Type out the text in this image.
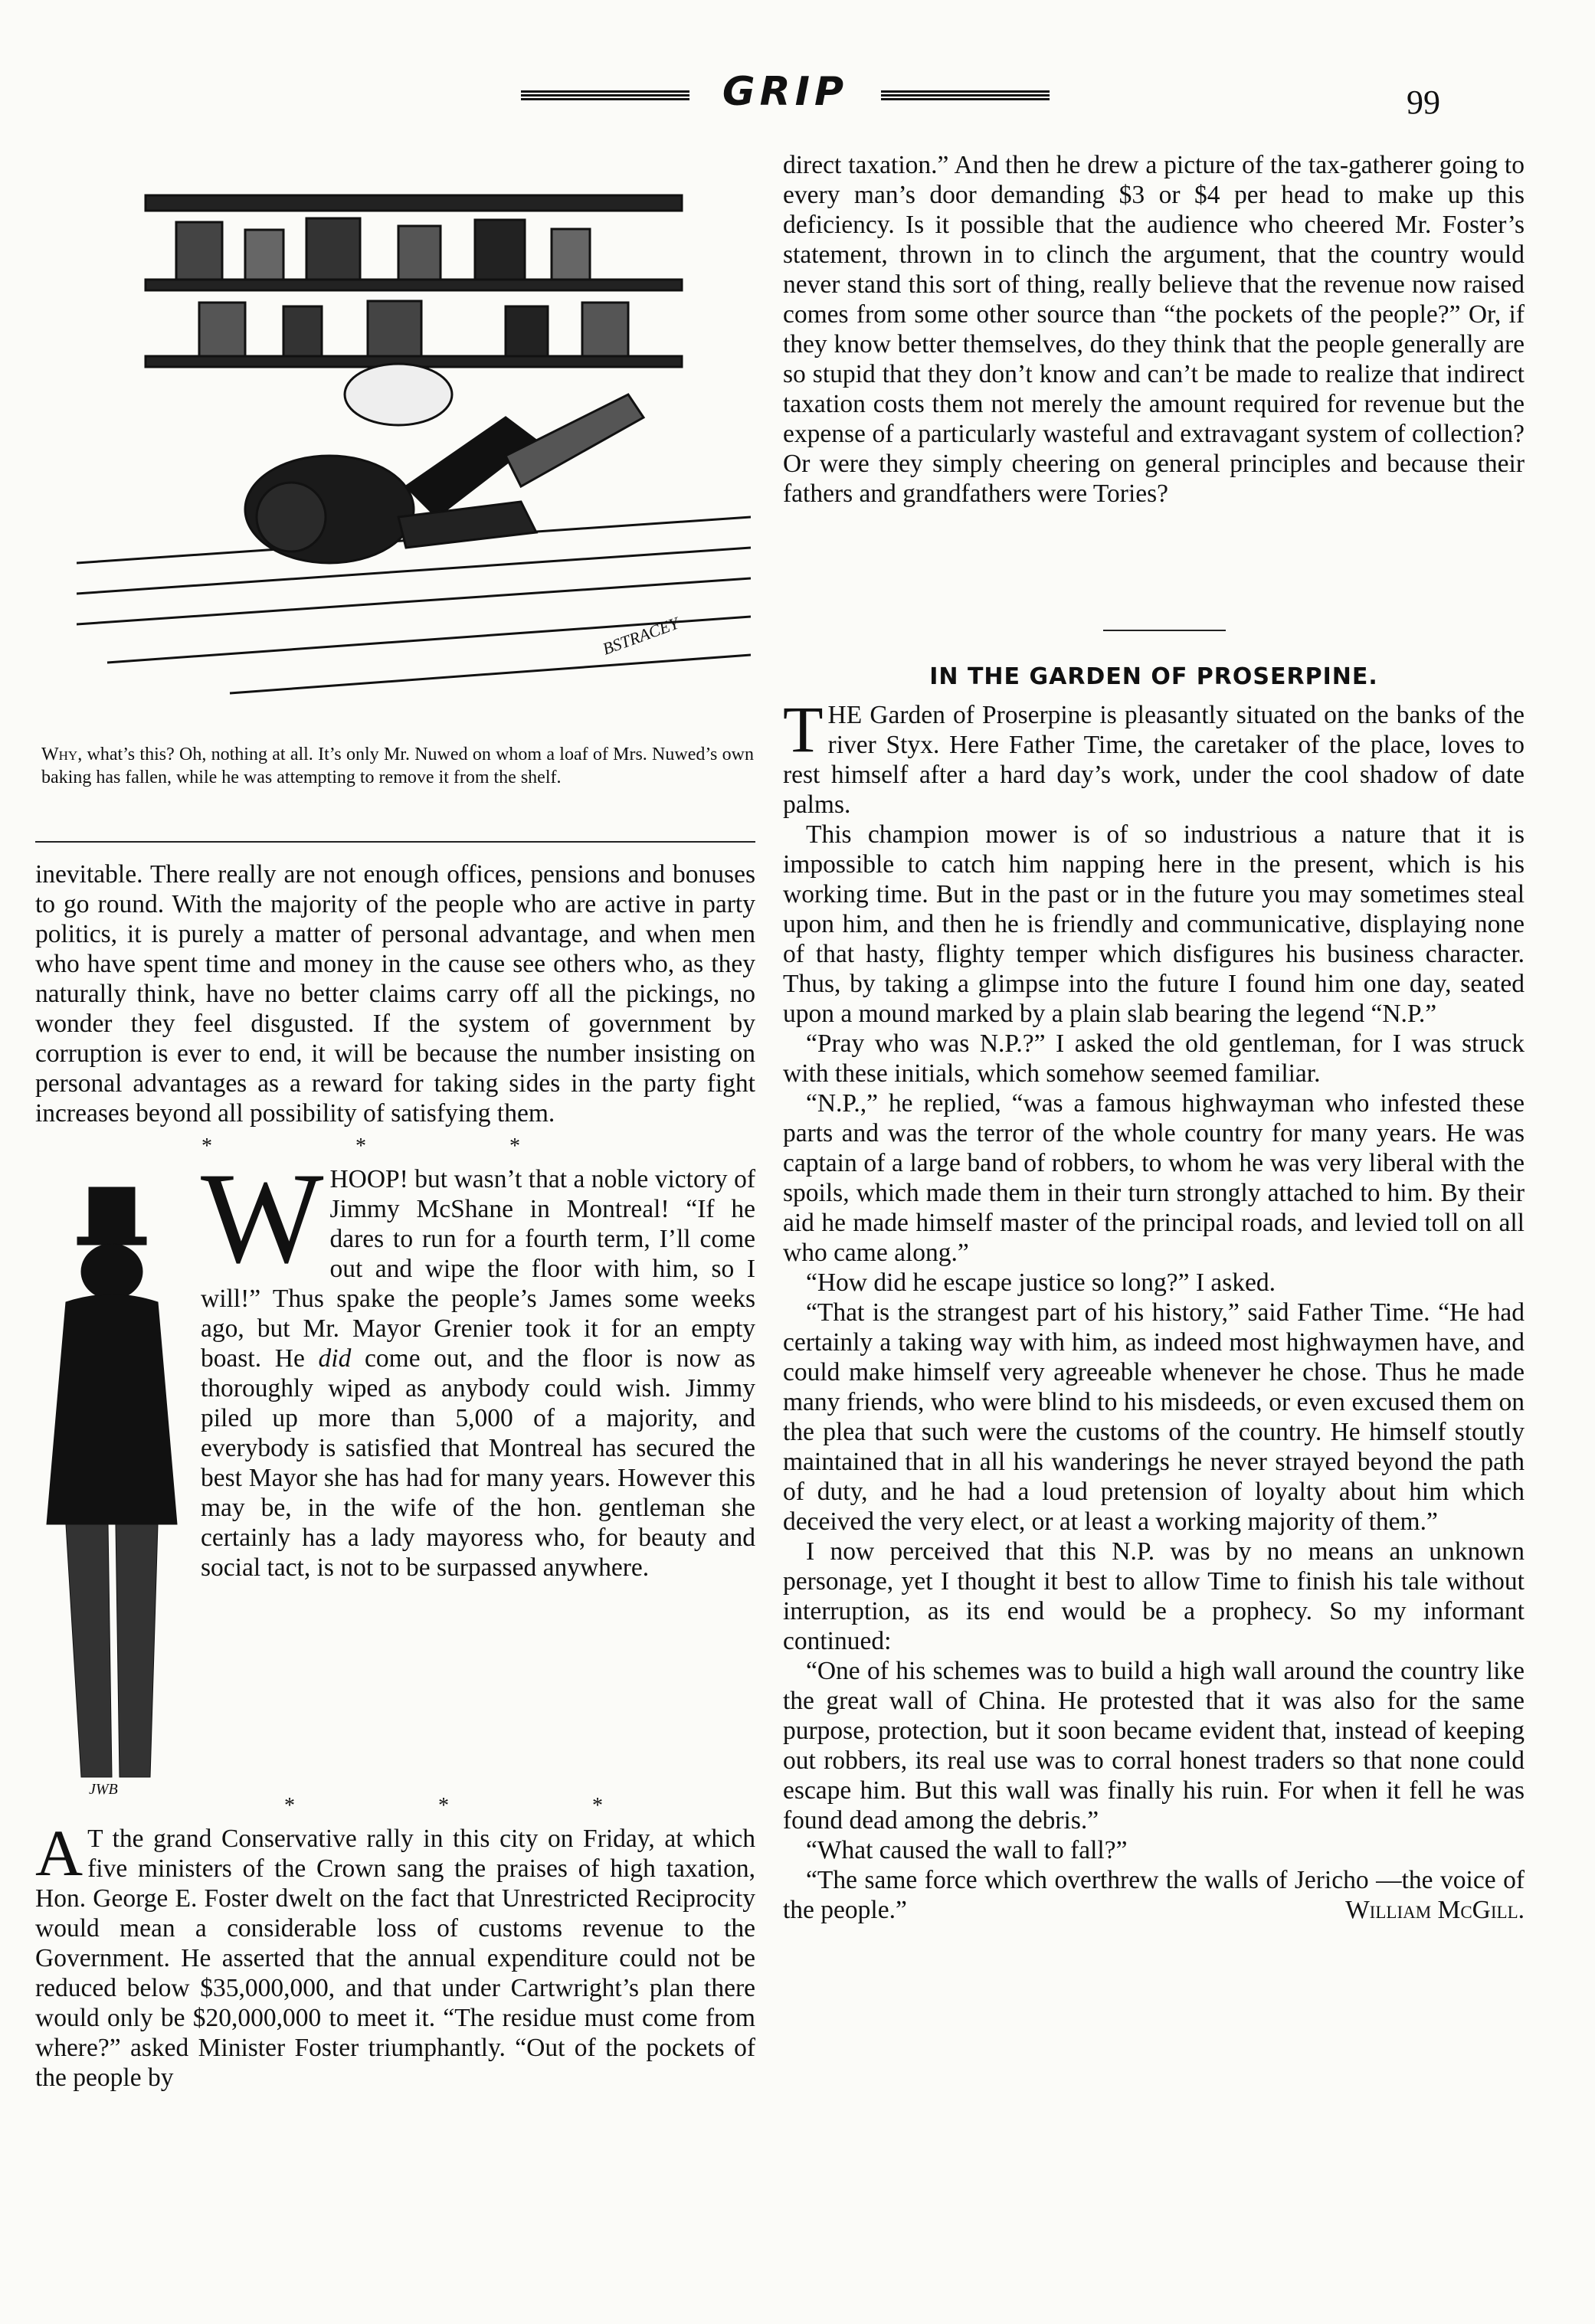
GRIP	99
BSTRACEY
Why, what’s this? Oh, nothing at all. It’s only Mr. Nuwed on whom a loaf of Mrs. Nuwed’s own baking has fallen, while he was attempting to remove it from the shelf.

inevitable. There really are not enough offices, pensions and bonuses to go round. With the majority of the people who are active in party politics, it is purely a matter of personal advantage, and when men who have spent time and money in the cause see others who, as they naturally think, have no better claims carry off all the pickings, no wonder they feel disgusted. If the system of government by corruption is ever to end, it will be because the number insisting on personal advantages as a reward for taking sides in the party fight increases beyond all possibility of satisfying them.

* * *
JWB
W HOOP! but wasn’t that a noble victory of Jimmy McShane in Montreal! “If he dares to run for a fourth term, I’ll come out and wipe the floor with him, so I will!” Thus spake the people’s James some weeks ago, but Mr. Mayor Grenier took it for an empty boast. He did come out, and the floor is now as thoroughly wiped as anybody could wish. Jimmy piled up more than 5,000 of a majority, and everybody is satisfied that Montreal has secured the best Mayor she has had for many years. However this may be, in the wife of the hon. gentleman she certainly has a lady mayoress who, for beauty and social tact, is not to be surpassed anywhere.

* * *

A T the grand Conservative rally in this city on Friday, at which five ministers of the Crown sang the praises of high taxation, Hon. George E. Foster dwelt on the fact that Unrestricted Reciprocity would mean a considerable loss of customs revenue to the Government. He asserted that the annual expenditure could not be reduced below $35,000,000, and that under Cartwright’s plan there would only be $20,000,000 to meet it. “The residue must come from where?” asked Minister Foster triumphantly. “Out of the pockets of the people by

direct taxation.” And then he drew a picture of the tax-gatherer going to every man’s door demanding $3 or $4 per head to make up this deficiency. Is it possible that the audience who cheered Mr. Foster’s statement, thrown in to clinch the argument, that the country would never stand this sort of thing, really believe that the revenue now raised comes from some other source than “the pockets of the people?” Or, if they know better themselves, do they think that the people generally are so stupid that they don’t know and can’t be made to realize that indirect taxation costs them not merely the amount required for revenue but the expense of a particularly wasteful and extravagant system of collection? Or were they simply cheering on general principles and because their fathers and grandfathers were Tories?

IN THE GARDEN OF PROSERPINE.

THE Garden of Proserpine is pleasantly situated on the banks of the river Styx. Here Father Time, the caretaker of the place, loves to rest himself after a hard day’s work, under the cool shadow of date palms.

This champion mower is of so industrious a nature that it is impossible to catch him napping here in the present, which is his working time. But in the past or in the future you may sometimes steal upon him, and then he is friendly and communicative, displaying none of that hasty, flighty temper which disfigures his business character. Thus, by taking a glimpse into the future I found him one day, seated upon a mound marked by a plain slab bearing the legend “N.P.”

“Pray who was N.P.?” I asked the old gentleman, for I was struck with these initials, which somehow seemed familiar.

“N.P.,” he replied, “was a famous highwayman who infested these parts and was the terror of the whole country for many years. He was captain of a large band of robbers, to whom he was very liberal with the spoils, which made them in their turn strongly attached to him. By their aid he made himself master of the principal roads, and levied toll on all who came along.”

“How did he escape justice so long?” I asked.

“That is the strangest part of his history,” said Father Time. “He had certainly a taking way with him, as indeed most highwaymen have, and could make himself very agreeable whenever he chose. Thus he made many friends, who were blind to his misdeeds, or even excused them on the plea that such were the customs of the country. He himself stoutly maintained that in all his wanderings he never strayed beyond the path of duty, and he had a loud pretension of loyalty about him which deceived the very elect, or at least a working majority of them.”

I now perceived that this N.P. was by no means an unknown personage, yet I thought it best to allow Time to finish his tale without interruption, as its end would be a prophecy. So my informant continued:

“One of his schemes was to build a high wall around the country like the great wall of China. He protested that it was also for the same purpose, protection, but it soon became evident that, instead of keeping out robbers, its real use was to corral honest traders so that none could escape him. But this wall was finally his ruin. For when it fell he was found dead among the debris.”

“What caused the wall to fall?”

“The same force which overthrew the walls of Jericho —the voice of the people.”	William McGill.
